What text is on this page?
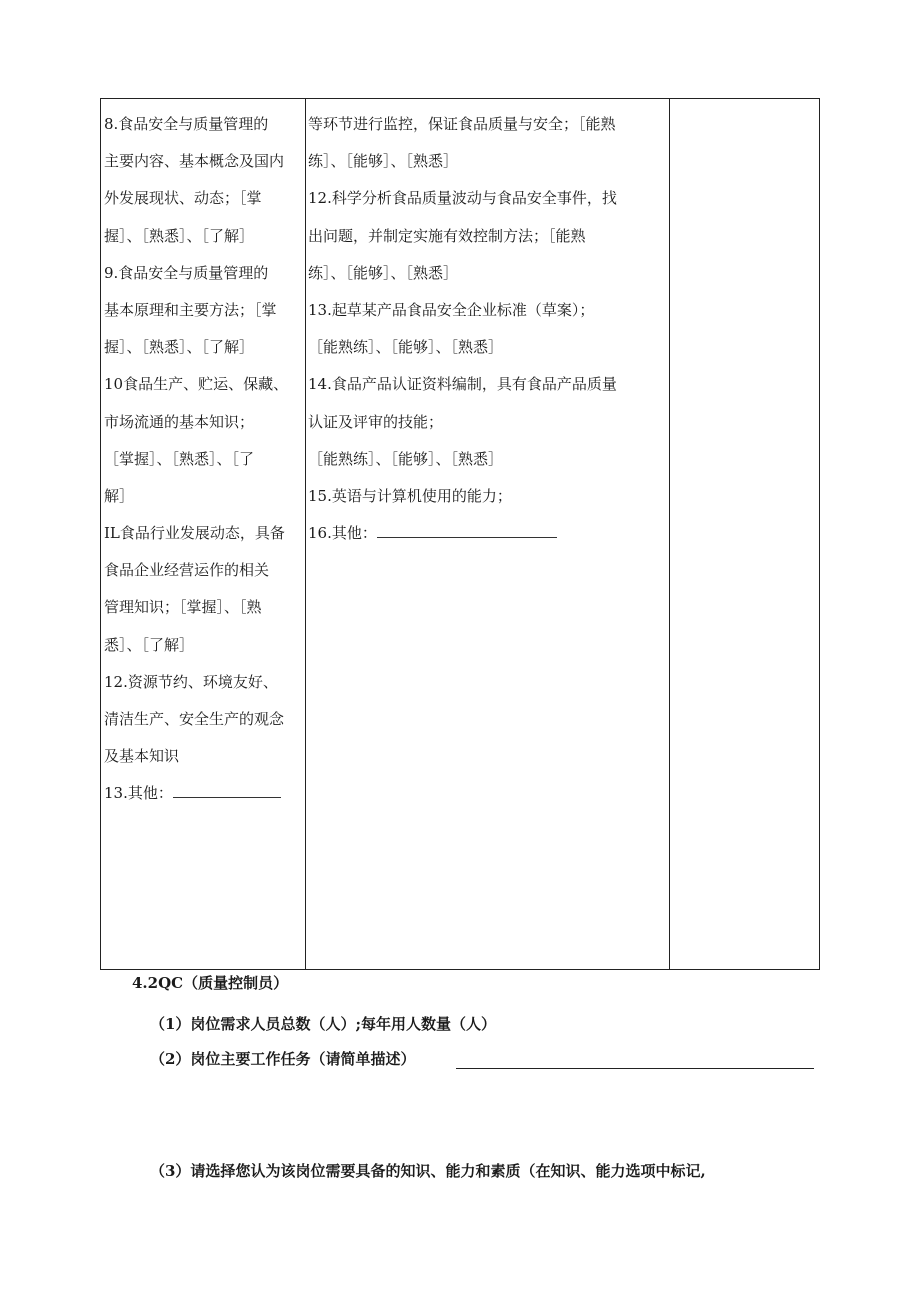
8.食品安全与质量管理的
主要内容、基本概念及国内
外发展现状、动态；［掌
握］、［熟悉］、［了解］
9.食品安全与质量管理的
基本原理和主要方法；［掌
握］、［熟悉］、［了解］
10食品生产、贮运、保藏、
市场流通的基本知识；
［掌握］、［熟悉］、［了
解］
IL食品行业发展动态，具备
食品企业经营运作的相关
管理知识；［掌握］、［熟
悉］、［了解］
12.资源节约、环境友好、
清洁生产、安全生产的观念
及基本知识
13.其他：
等环节进行监控，保证食品质量与安全；［能熟
练］、［能够］、［熟悉］
12.科学分析食品质量波动与食品安全事件，找
出问题，并制定实施有效控制方法；［能熟
练］、［能够］、［熟悉］
13.起草某产品食品安全企业标准（草案）；
［能熟练］、［能够］、［熟悉］
14.食品产品认证资料编制，具有食品产品质量
认证及评审的技能；
［能熟练］、［能够］、［熟悉］
15.英语与计算机使用的能力；
16.其他：
4.2QC（质量控制员）
（1）岗位需求人员总数（人）;每年用人数量（人）
（2）岗位主要工作任务（请简单描述）
（3）请选择您认为该岗位需要具备的知识、能力和素质（在知识、能力选项中标记,
